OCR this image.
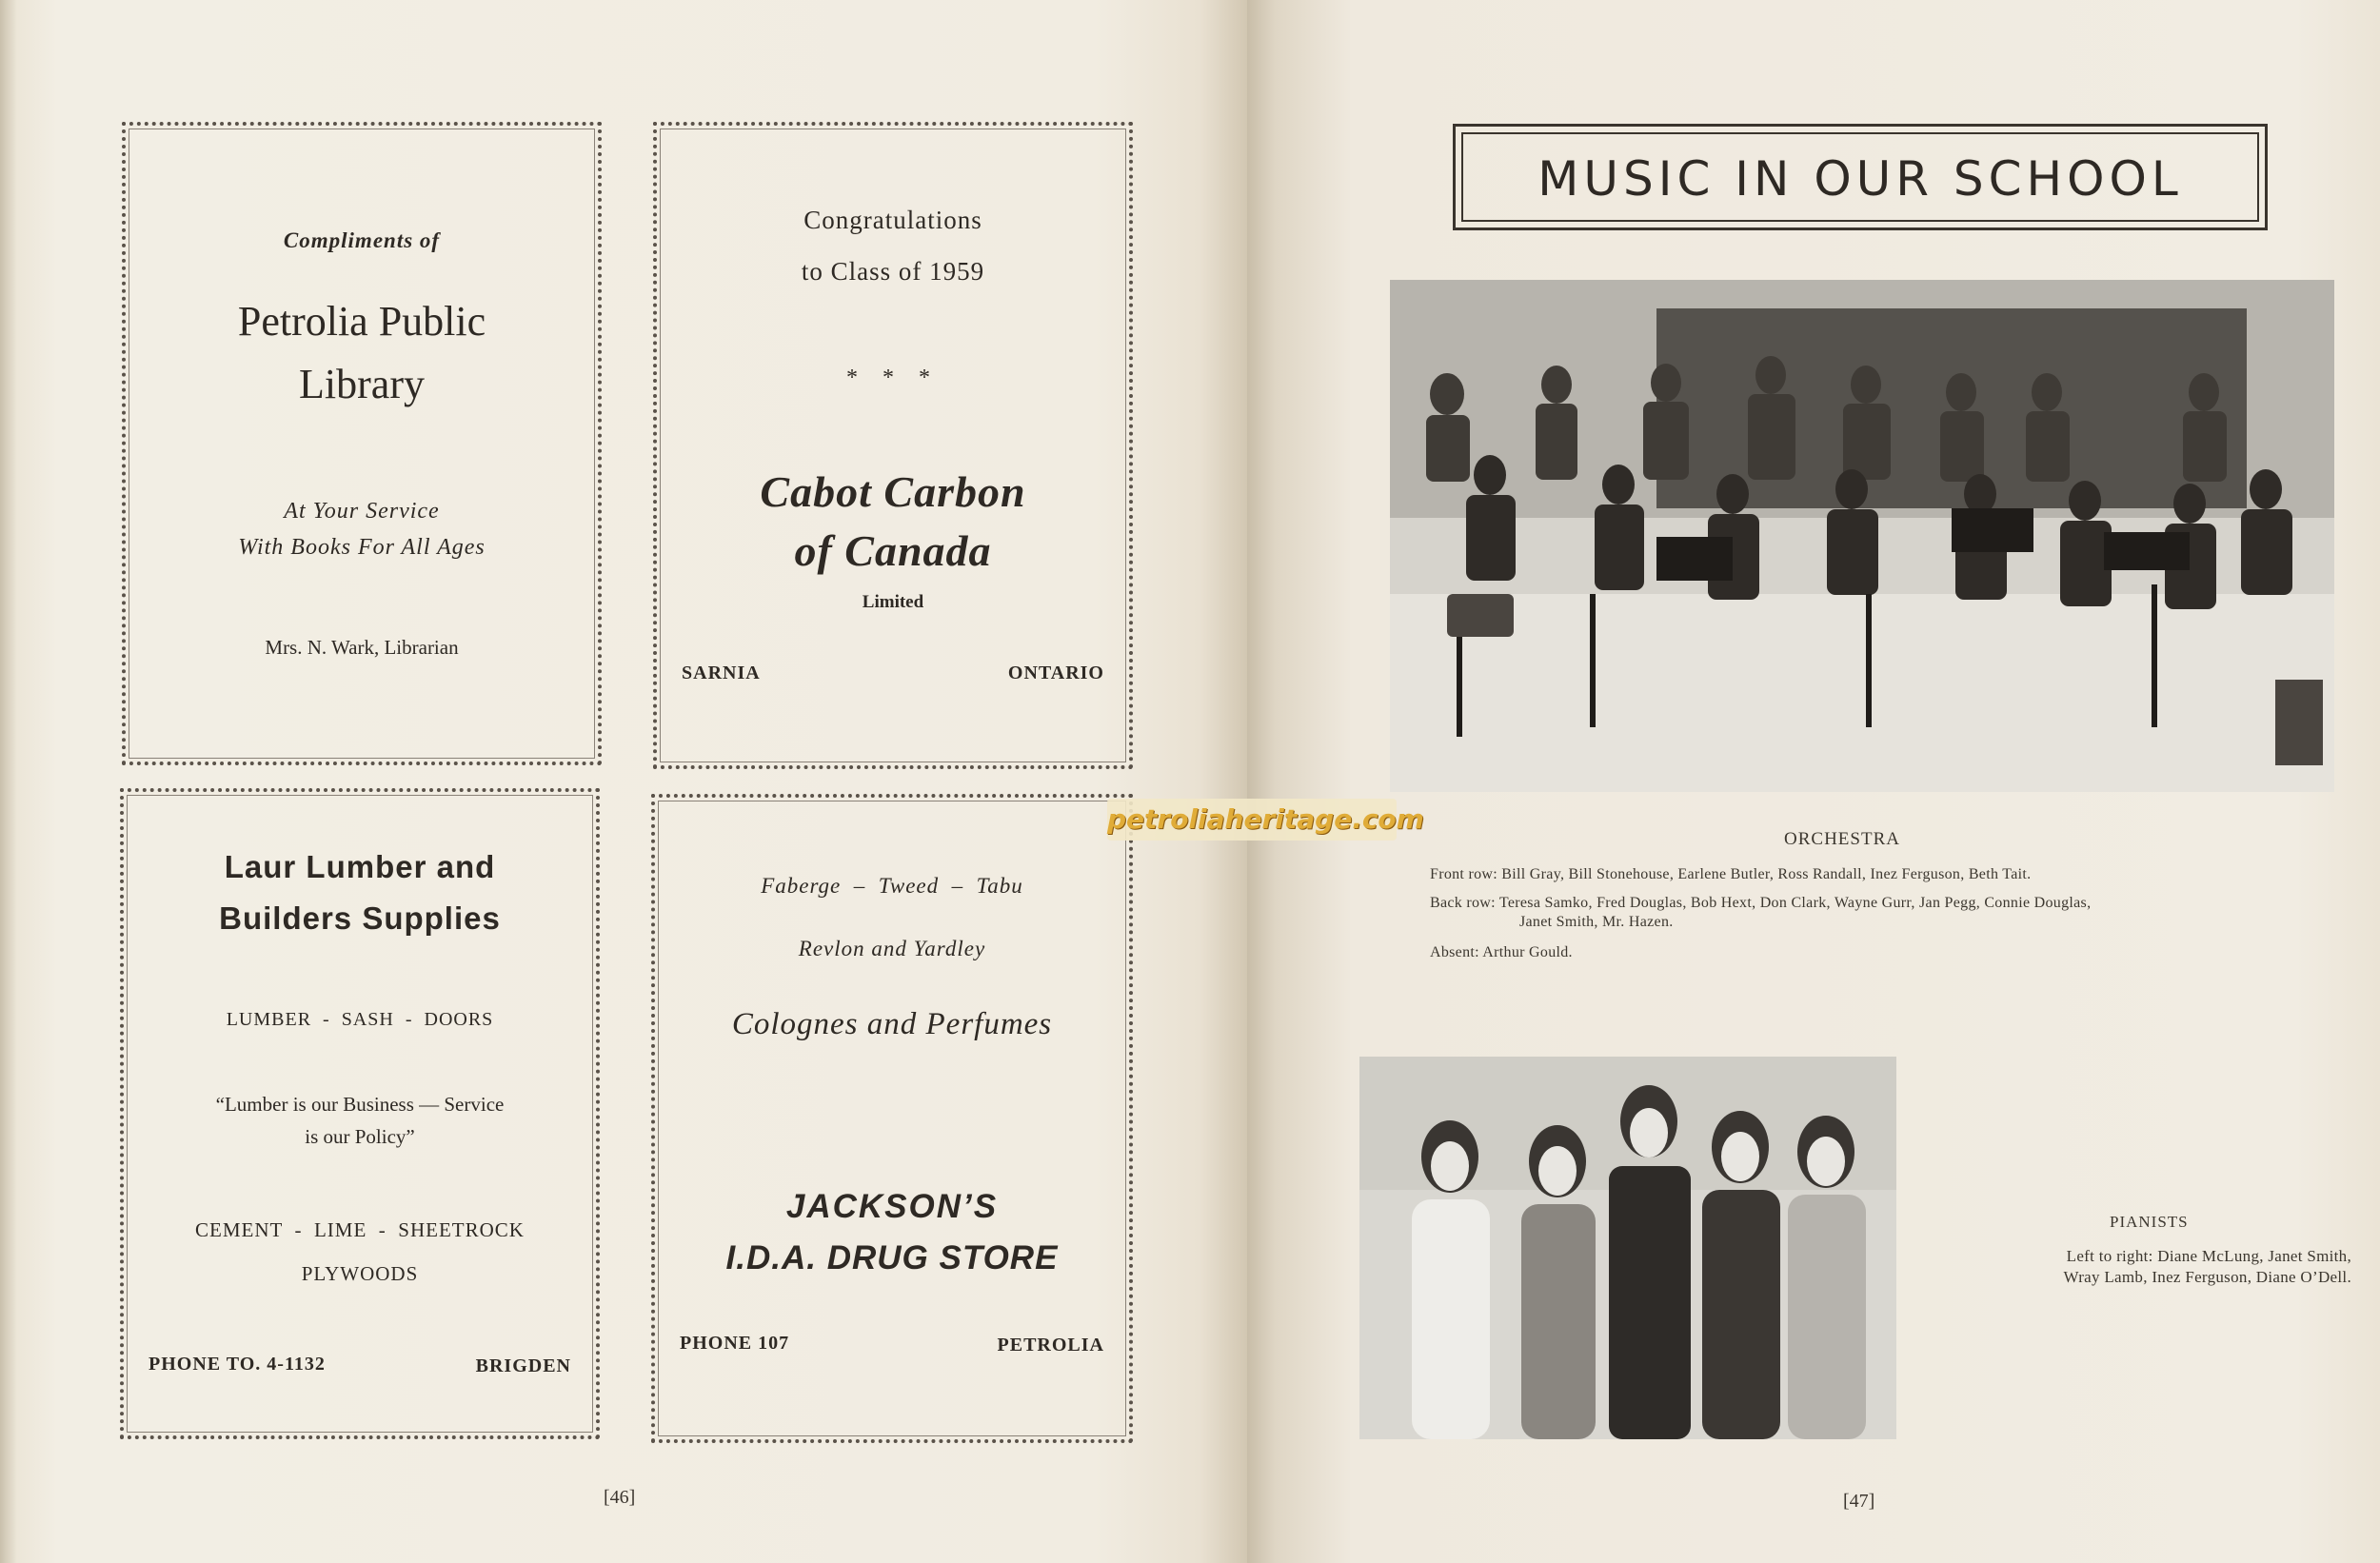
Compliments of
Petrolia Public
Library
At Your Service
With Books For All Ages
Mrs. N. Wark, Librarian
Congratulations
to Class of 1959
* * *
Cabot Carbon
of Canada
Limited
SARNIA	ONTARIO
Laur Lumber and
Builders Supplies
LUMBER  -  SASH  -  DOORS
“Lumber is our Business — Service
is our Policy”
CEMENT  -  LIME  -  SHEETROCK
PLYWOODS
PHONE TO. 4-1132	BRIGDEN
Faberge  –  Tweed  –  Tabu
Revlon and Yardley
Colognes and Perfumes
JACKSON’S
I.D.A. DRUG STORE
PHONE 107	PETROLIA
[46]
MUSIC IN OUR SCHOOL
petroliaheritage.com
ORCHESTRA
Front row: Bill Gray, Bill Stonehouse, Earlene Butler, Ross Randall, Inez Ferguson, Beth Tait.
Back row: Teresa Samko, Fred Douglas, Bob Hext, Don Clark, Wayne Gurr, Jan Pegg, Connie Douglas,
Janet Smith, Mr. Hazen.
Absent: Arthur Gould.
PIANISTS
Left to right: Diane McLung, Janet Smith,
Wray Lamb, Inez Ferguson, Diane O’Dell.
[47]
